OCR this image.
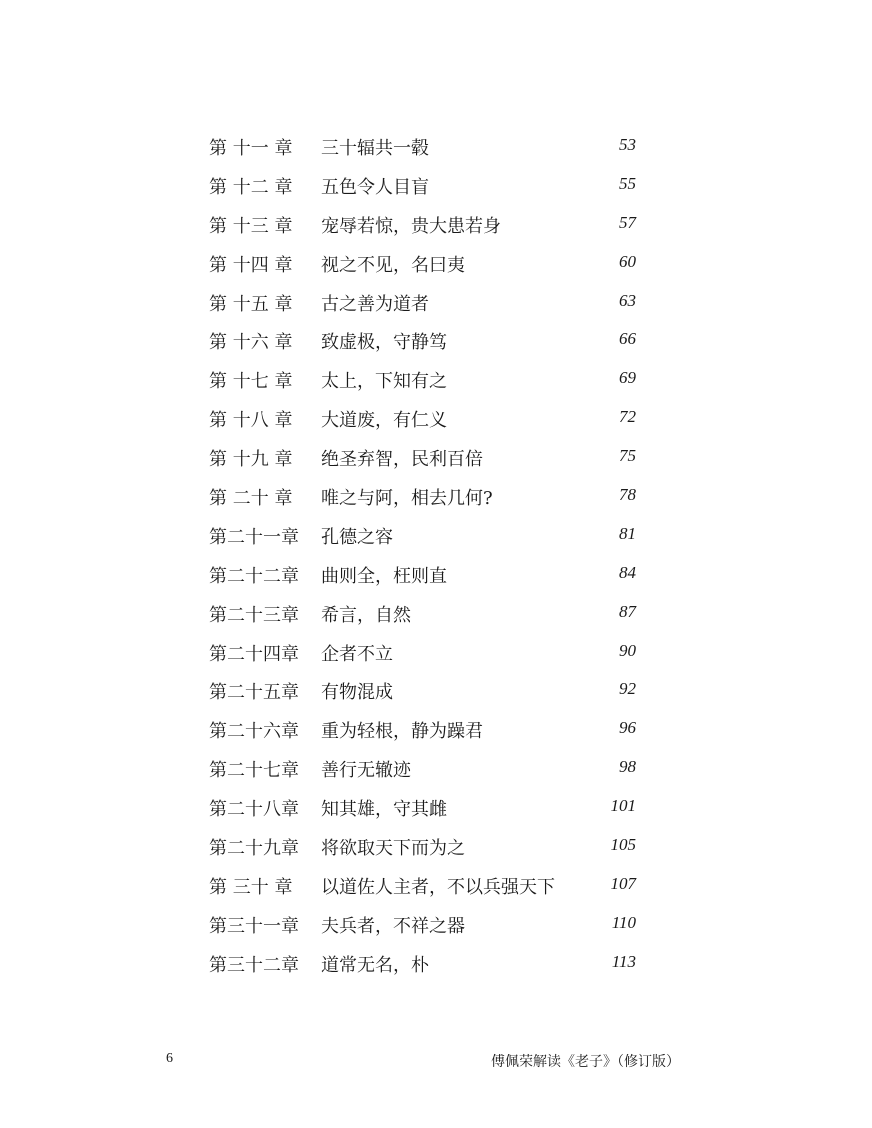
第 十一 章 三十辐共一毂	53
第 十二 章 五色令人目盲	55
第 十三 章 宠辱若惊，贵大患若身	57
第 十四 章 视之不见，名曰夷	60
第 十五 章 古之善为道者	63
第 十六 章 致虚极，守静笃	66
第 十七 章 太上，下知有之	69
第 十八 章 大道废，有仁义	72
第 十九 章 绝圣弃智，民利百倍	75
第 二十 章 唯之与阿，相去几何?	78
第二十一章 孔德之容	81
第二十二章 曲则全，枉则直	84
第二十三章 希言，自然	87
第二十四章 企者不立	90
第二十五章 有物混成	92
第二十六章 重为轻根，静为躁君	96
第二十七章 善行无辙迹	98
第二十八章 知其雄，守其雌	101
第二十九章 将欲取天下而为之	105
第 三十 章 以道佐人主者，不以兵强天下	107
第三十一章 夫兵者，不祥之器	110
第三十二章 道常无名，朴	113
6	傅佩荣解读《老子》（修订版）
